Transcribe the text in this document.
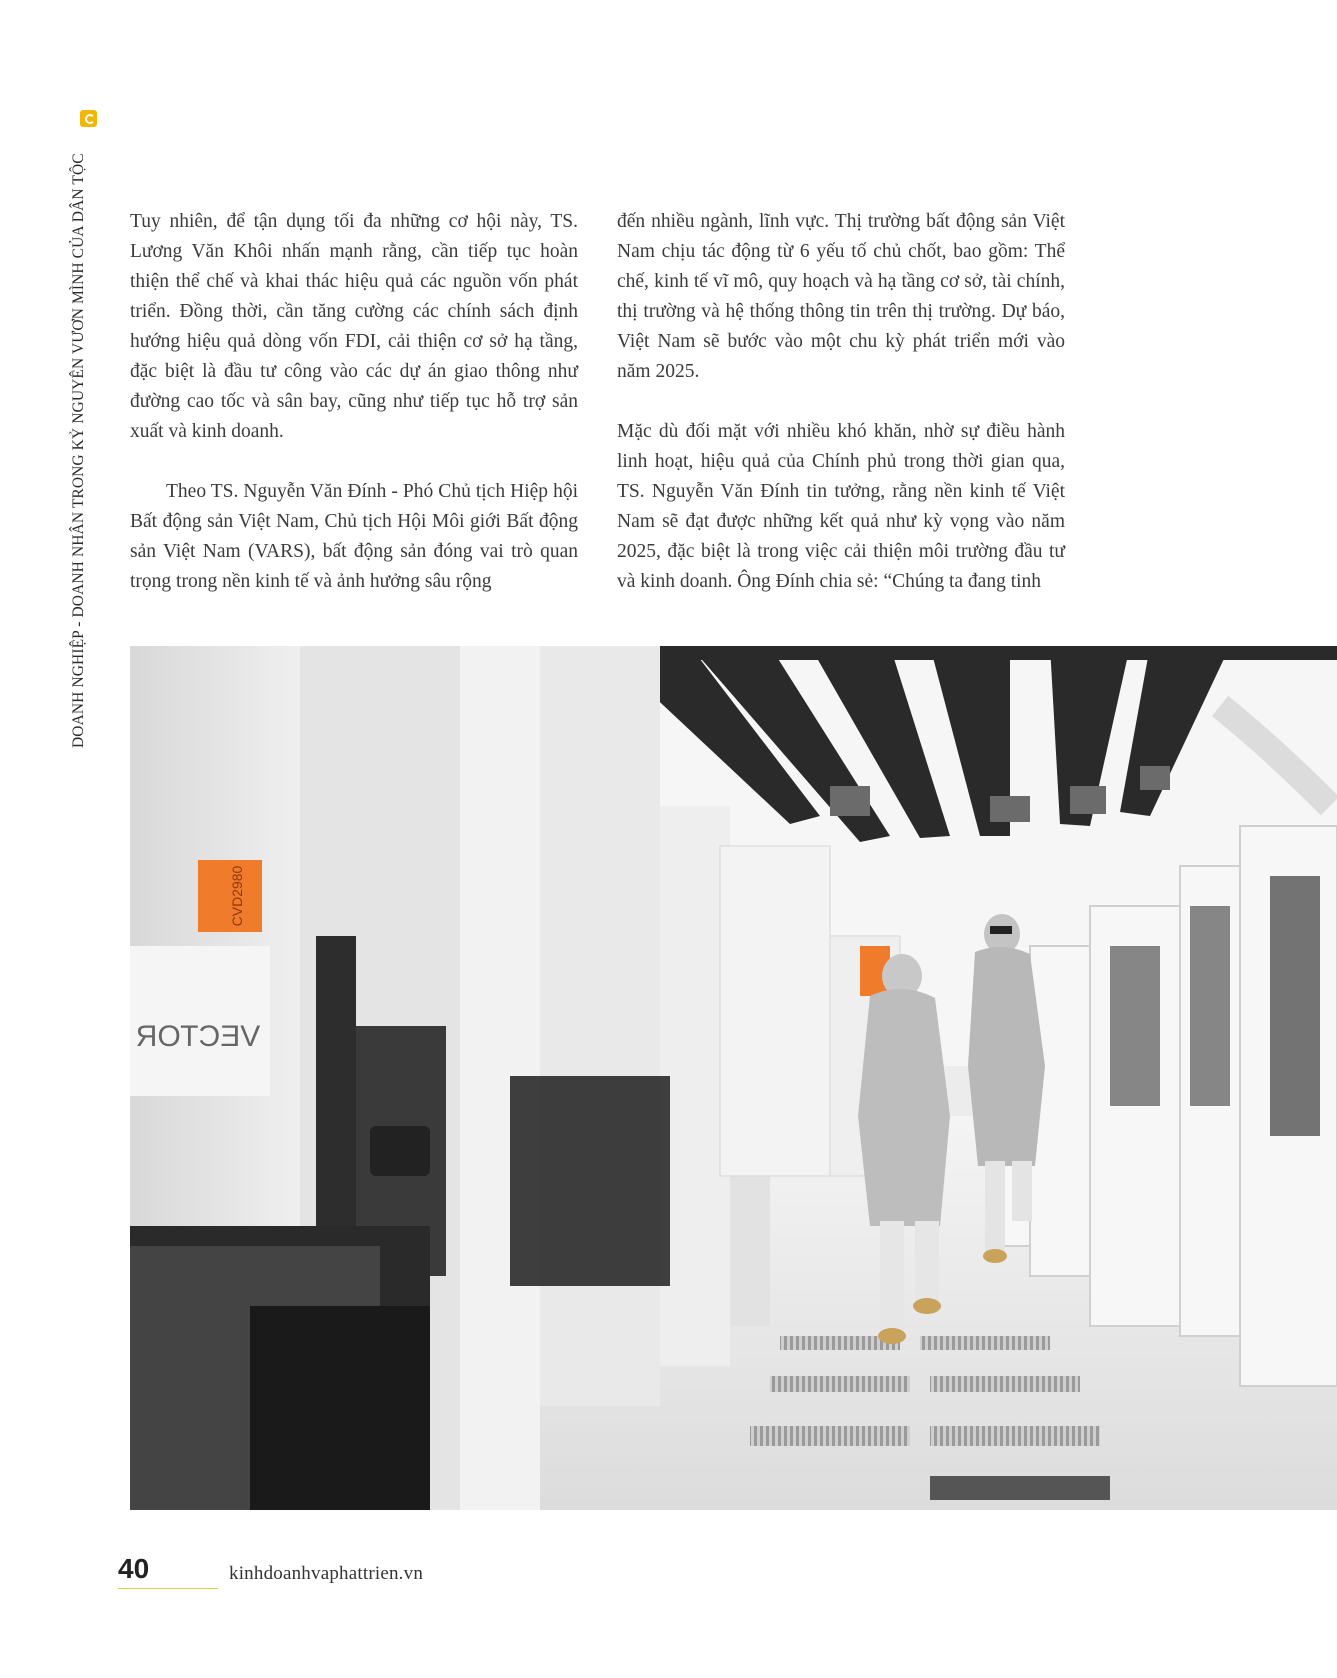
DOANH NGHIỆP - DOANH NHÂN TRONG KỶ NGUYÊN VƯƠN MÌNH CỦA DÂN TỘC Tuy nhiên, để tận dụng tối đa những cơ hội này, TS. Lương Văn Khôi nhấn mạnh rằng, cần tiếp tục hoàn thiện thể chế và khai thác hiệu quả các nguồn vốn phát triển. Đồng thời, cần tăng cường các chính sách định hướng hiệu quả dòng vốn FDI, cải thiện cơ sở hạ tầng, đặc biệt là đầu tư công vào các dự án giao thông như đường cao tốc và sân bay, cũng như tiếp tục hỗ trợ sản xuất và kinh doanh.

Theo TS. Nguyễn Văn Đính - Phó Chủ tịch Hiệp hội Bất động sản Việt Nam, Chủ tịch Hội Môi giới Bất động sản Việt Nam (VARS), bất động sản đóng vai trò quan trọng trong nền kinh tế và ảnh hưởng sâu rộng

đến nhiều ngành, lĩnh vực. Thị trường bất động sản Việt Nam chịu tác động từ 6 yếu tố chủ chốt, bao gồm: Thể chế, kinh tế vĩ mô, quy hoạch và hạ tầng cơ sở, tài chính, thị trường và hệ thống thông tin trên thị trường. Dự báo, Việt Nam sẽ bước vào một chu kỳ phát triển mới vào năm 2025.

Mặc dù đối mặt với nhiều khó khăn, nhờ sự điều hành linh hoạt, hiệu quả của Chính phủ trong thời gian qua, TS. Nguyễn Văn Đính tin tưởng, rằng nền kinh tế Việt Nam sẽ đạt được những kết quả như kỳ vọng vào năm 2025, đặc biệt là trong việc cải thiện môi trường đầu tư và kinh doanh. Ông Đính chia sẻ: “Chúng ta đang tinh

CVD2980
VECTOR
40	kinhdoanhvaphattrien.vn
